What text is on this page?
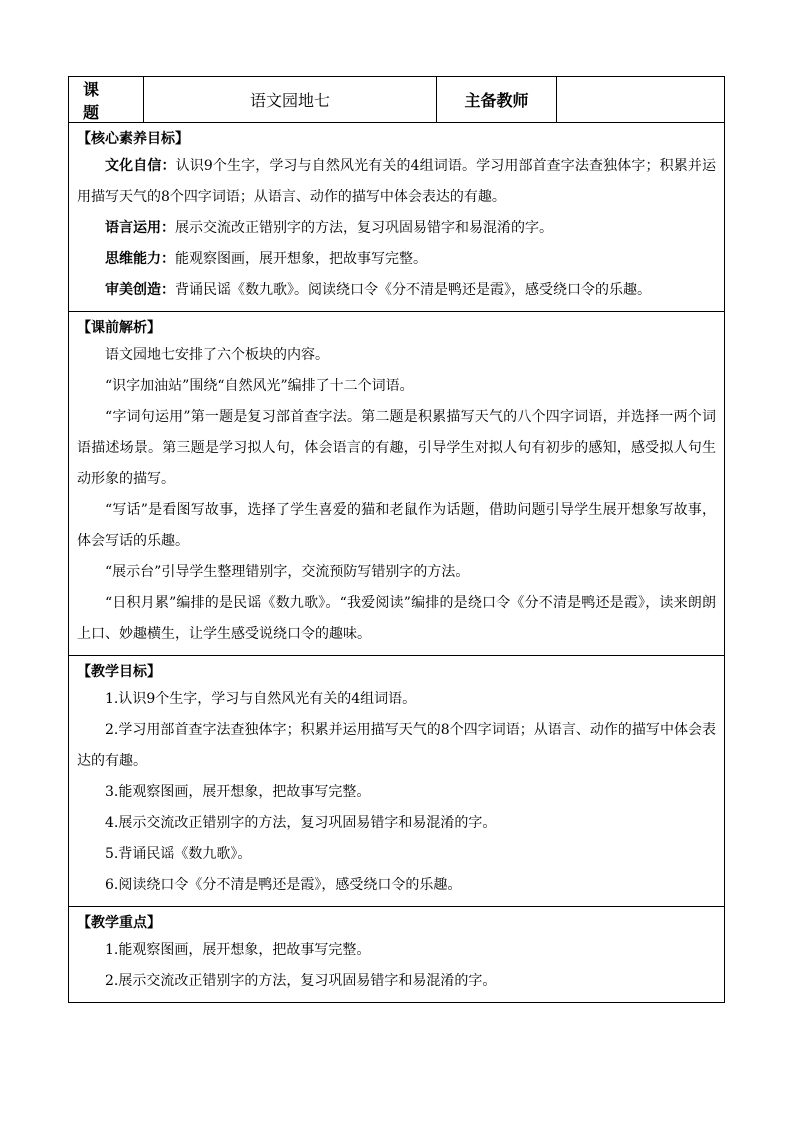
课 题
语文园地七	主备教师

【核心素养目标】

文化自信：认识9个生字，学习与自然风光有关的4组词语。学习用部首查字法查独体字；积累并运用描写天气的8个四字词语；从语言、动作的描写中体会表达的有趣。

语言运用：展示交流改正错别字的方法，复习巩固易错字和易混淆的字。

思维能力：能观察图画，展开想象，把故事写完整。

审美创造：背诵民谣《数九歌》。阅读绕口令《分不清是鸭还是霞》，感受绕口令的乐趣。

【课前解析】

语文园地七安排了六个板块的内容。

“识字加油站”围绕“自然风光”编排了十二个词语。

“字词句运用”第一题是复习部首查字法。第二题是积累描写天气的八个四字词语，并选择一两个词语描述场景。第三题是学习拟人句，体会语言的有趣，引导学生对拟人句有初步的感知，感受拟人句生动形象的描写。

“写话”是看图写故事，选择了学生喜爱的猫和老鼠作为话题，借助问题引导学生展开想象写故事，体会写话的乐趣。

“展示台”引导学生整理错别字，交流预防写错别字的方法。

“日积月累”编排的是民谣《数九歌》。“我爱阅读”编排的是绕口令《分不清是鸭还是霞》，读来朗朗上口、妙趣横生，让学生感受说绕口令的趣味。

【教学目标】

1.认识9个生字，学习与自然风光有关的4组词语。

2.学习用部首查字法查独体字；积累并运用描写天气的8个四字词语；从语言、动作的描写中体会表达的有趣。

3.能观察图画，展开想象，把故事写完整。

4.展示交流改正错别字的方法，复习巩固易错字和易混淆的字。

5.背诵民谣《数九歌》。

6.阅读绕口令《分不清是鸭还是霞》，感受绕口令的乐趣。

【教学重点】

1.能观察图画，展开想象，把故事写完整。

2.展示交流改正错别字的方法，复习巩固易错字和易混淆的字。
